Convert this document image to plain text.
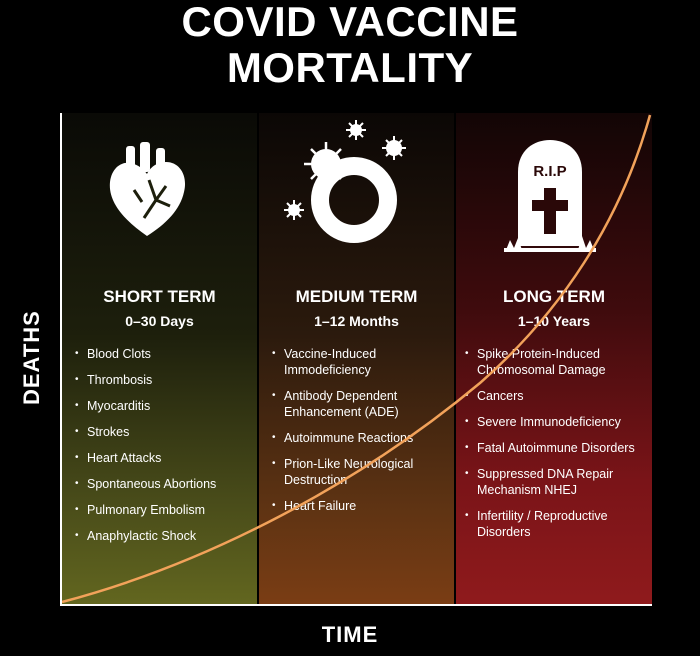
COVID VACCINE
MORTALITY
R.I.P
SHORT TERM
0–30 Days
MEDIUM TERM
1–12 Months
LONG TERM
1–10 Years
• Blood Clots
• Thrombosis
• Myocarditis
• Strokes
• Heart Attacks
• Spontaneous Abortions
• Pulmonary Embolism
• Anaphylactic Shock
• Vaccine-Induced Immodeficiency
• Antibody Dependent Enhancement (ADE)
• Autoimmune Reactions
• Prion-Like Neurological Destruction
• Heart Failure
• Spike Protein-Induced Chromosomal Damage
• Cancers
• Severe Immunodeficiency
• Fatal Autoimmune Disorders
• Suppressed DNA Repair Mechanism NHEJ
• Infertility / Reproductive Disorders
DEATHS
TIME
